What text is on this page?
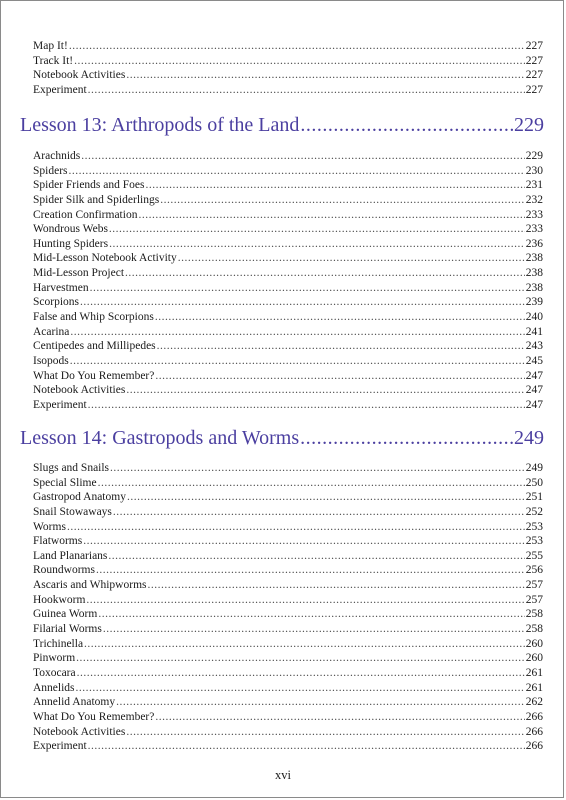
Map It! .....	227
Track It! .....	227
Notebook Activities .....	227
Experiment .....	227
Lesson 13: Arthropods of the Land .....	229
Arachnids .....	229
Spiders .....	230
Spider Friends and Foes .....	231
Spider Silk and Spiderlings .....	232
Creation Confirmation .....	233
Wondrous Webs .....	233
Hunting Spiders .....	236
Mid-Lesson Notebook Activity .....	238
Mid-Lesson Project .....	238
Harvestmen .....	238
Scorpions .....	239
False and Whip Scorpions .....	240
Acarina .....	241
Centipedes and Millipedes .....	243
Isopods .....	245
What Do You Remember? .....	247
Notebook Activities .....	247
Experiment .....	247
Lesson 14: Gastropods and Worms .....	249
Slugs and Snails .....	249
Special Slime .....	250
Gastropod Anatomy .....	251
Snail Stowaways .....	252
Worms .....	253
Flatworms .....	253
Land Planarians .....	255
Roundworms .....	256
Ascaris and Whipworms .....	257
Hookworm .....	257
Guinea Worm .....	258
Filarial Worms .....	258
Trichinella .....	260
Pinworm .....	260
Toxocara .....	261
Annelids .....	261
Annelid Anatomy .....	262
What Do You Remember? .....	266
Notebook Activities .....	266
Experiment .....	266
xvi
